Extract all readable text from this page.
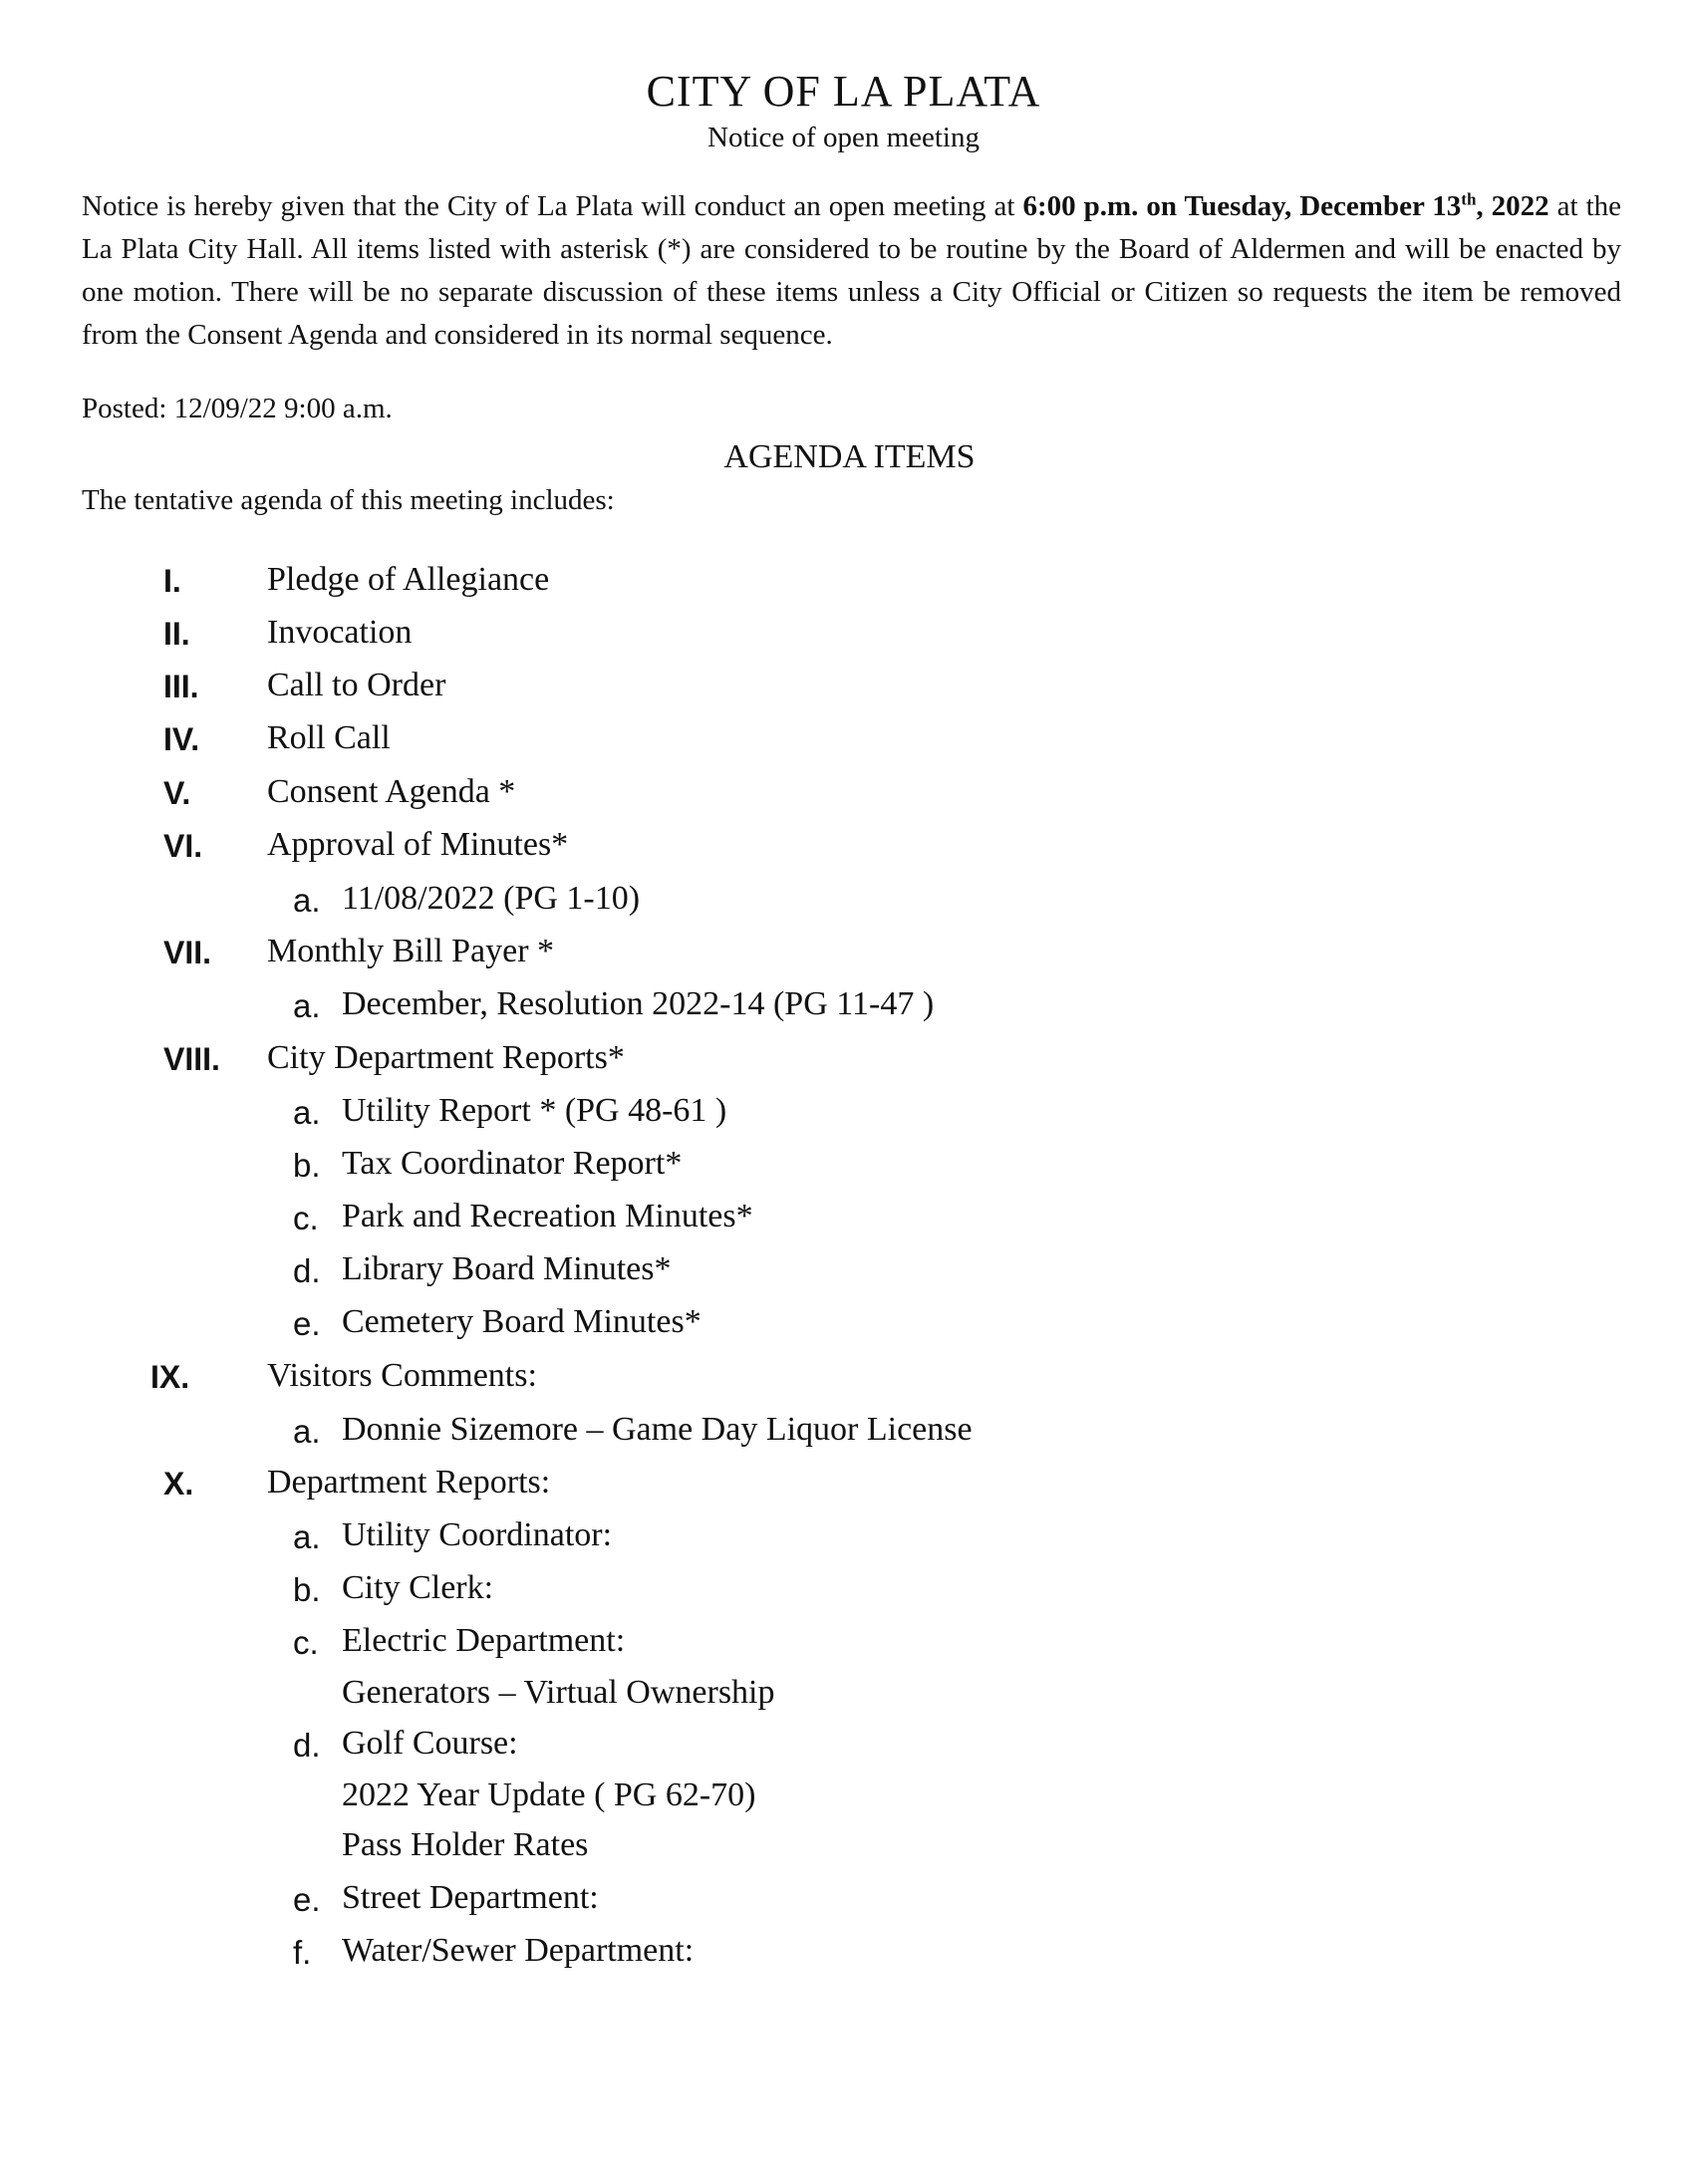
CITY OF LA PLATA
Notice of open meeting
Notice is hereby given that the City of La Plata will conduct an open meeting at 6:00 p.m. on Tuesday, December 13th, 2022 at the La Plata City Hall. All items listed with asterisk (*) are considered to be routine by the Board of Aldermen and will be enacted by one motion. There will be no separate discussion of these items unless a City Official or Citizen so requests the item be removed from the Consent Agenda and considered in its normal sequence.
Posted: 12/09/22 9:00 a.m.
AGENDA ITEMS
The tentative agenda of this meeting includes:
I.	Pledge of Allegiance
II. Invocation
III. Call to Order
IV. Roll Call
V. Consent Agenda *
VI. Approval of Minutes*
a. 11/08/2022 (PG 1-10)
VII. Monthly Bill Payer *
a. December, Resolution 2022-14 (PG 11-47 )
VIII. City Department Reports*
a. Utility Report * (PG 48-61 )
b. Tax Coordinator Report*
c. Park and Recreation Minutes*
d. Library Board Minutes*
e. Cemetery Board Minutes*
IX. Visitors Comments:
a. Donnie Sizemore – Game Day Liquor License
X. Department Reports:
a. Utility Coordinator:
b. City Clerk:
c. Electric Department:
Generators – Virtual Ownership
d. Golf Course:
2022 Year Update ( PG 62-70)
Pass Holder Rates
e. Street Department:
f. Water/Sewer Department:
